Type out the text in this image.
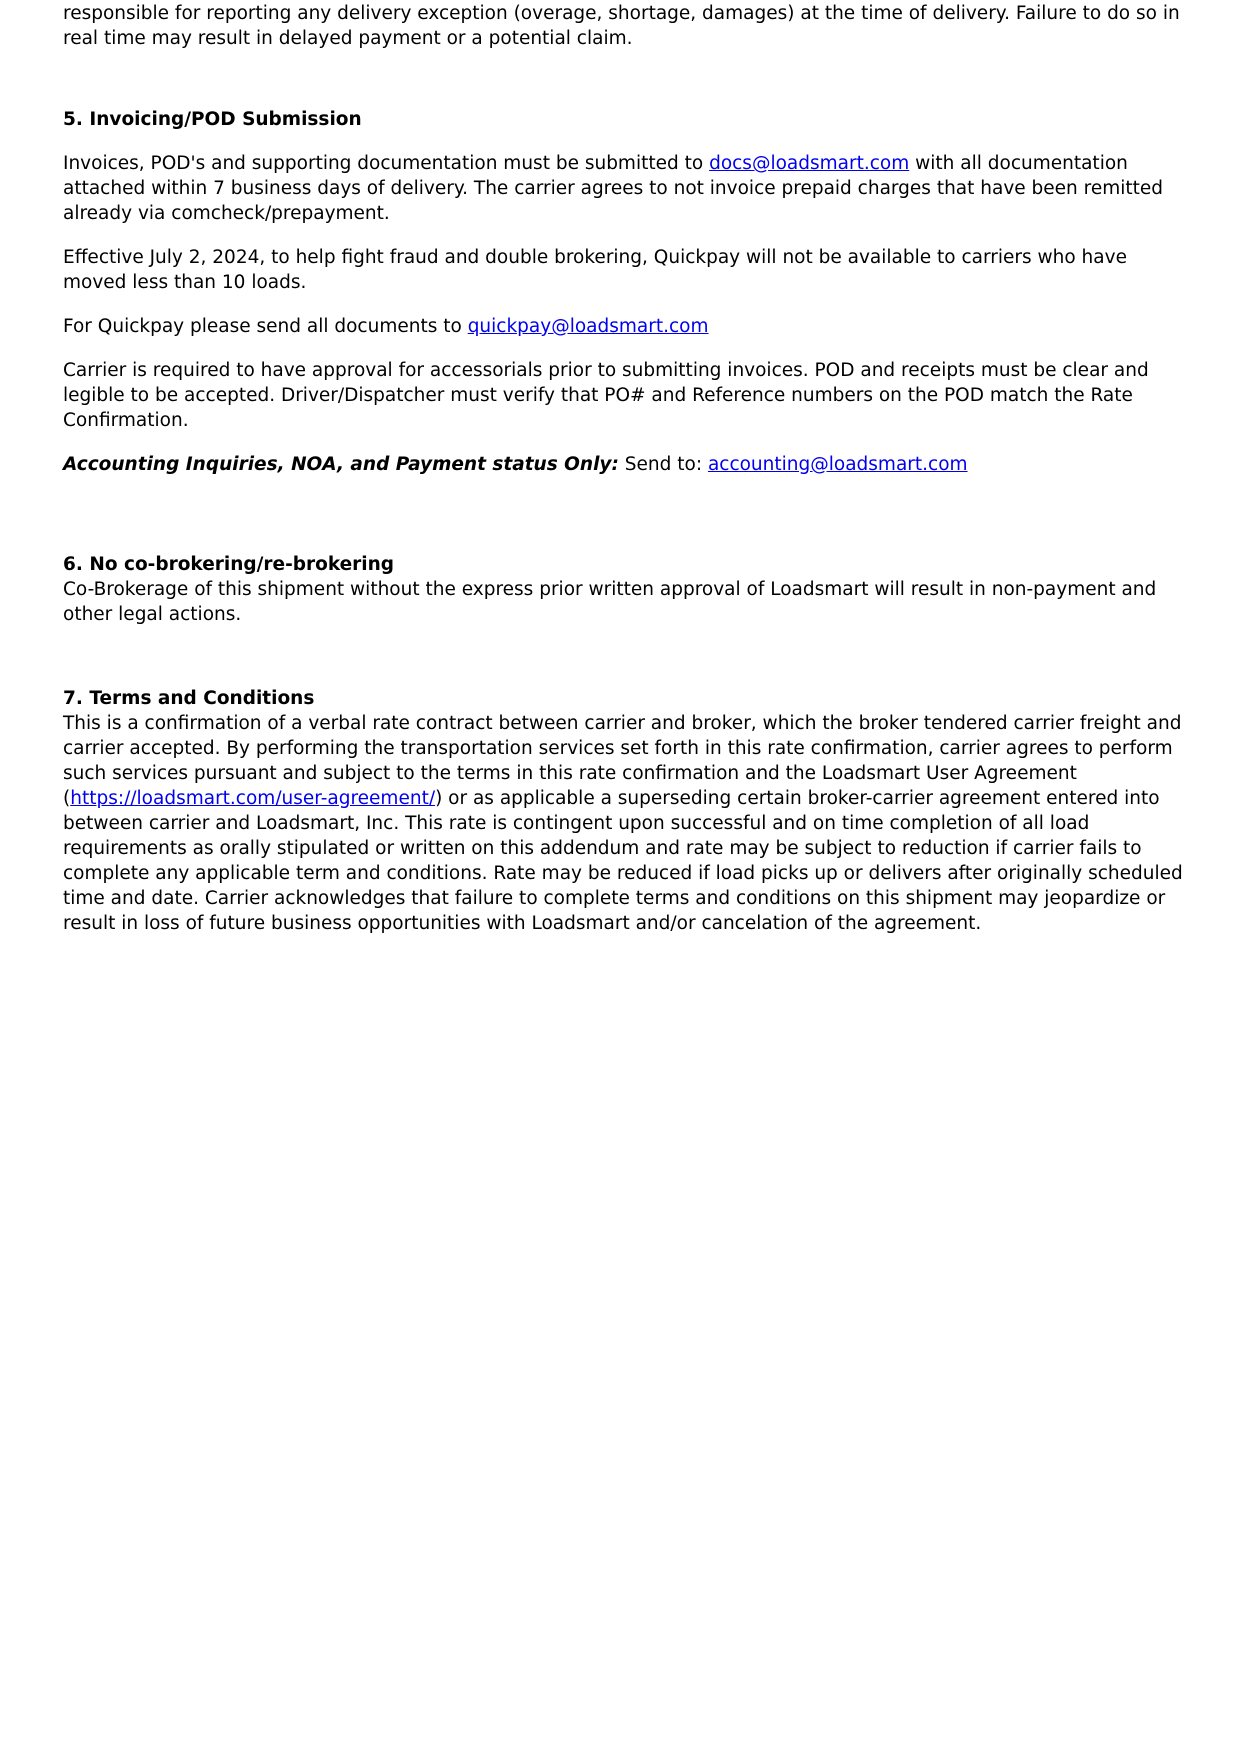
responsible for reporting any delivery exception (overage, shortage, damages) at the time of delivery. Failure to do so in real time may result in delayed payment or a potential claim.

5. Invoicing/POD Submission

Invoices, POD's and supporting documentation must be submitted to docs@loadsmart.com with all documentation attached within 7 business days of delivery. The carrier agrees to not invoice prepaid charges that have been remitted already via comcheck/prepayment.

Effective July 2, 2024, to help fight fraud and double brokering, Quickpay will not be available to carriers who have moved less than 10 loads.

For Quickpay please send all documents to quickpay@loadsmart.com

Carrier is required to have approval for accessorials prior to submitting invoices. POD and receipts must be clear and legible to be accepted. Driver/Dispatcher must verify that PO# and Reference numbers on the POD match the Rate Confirmation.

Accounting Inquiries, NOA, and Payment status Only: Send to: accounting@loadsmart.com

6. No co-brokering/re-brokering

Co-Brokerage of this shipment without the express prior written approval of Loadsmart will result in non-payment and other legal actions.

7. Terms and Conditions

This is a confirmation of a verbal rate contract between carrier and broker, which the broker tendered carrier freight and carrier accepted. By performing the transportation services set forth in this rate confirmation, carrier agrees to perform such services pursuant and subject to the terms in this rate confirmation and the Loadsmart User Agreement (https://loadsmart.com/user-agreement/) or as applicable a superseding certain broker-carrier agreement entered into between carrier and Loadsmart, Inc. This rate is contingent upon successful and on time completion of all load requirements as orally stipulated or written on this addendum and rate may be subject to reduction if carrier fails to complete any applicable term and conditions. Rate may be reduced if load picks up or delivers after originally scheduled time and date. Carrier acknowledges that failure to complete terms and conditions on this shipment may jeopardize or result in loss of future business opportunities with Loadsmart and/or cancelation of the agreement.
